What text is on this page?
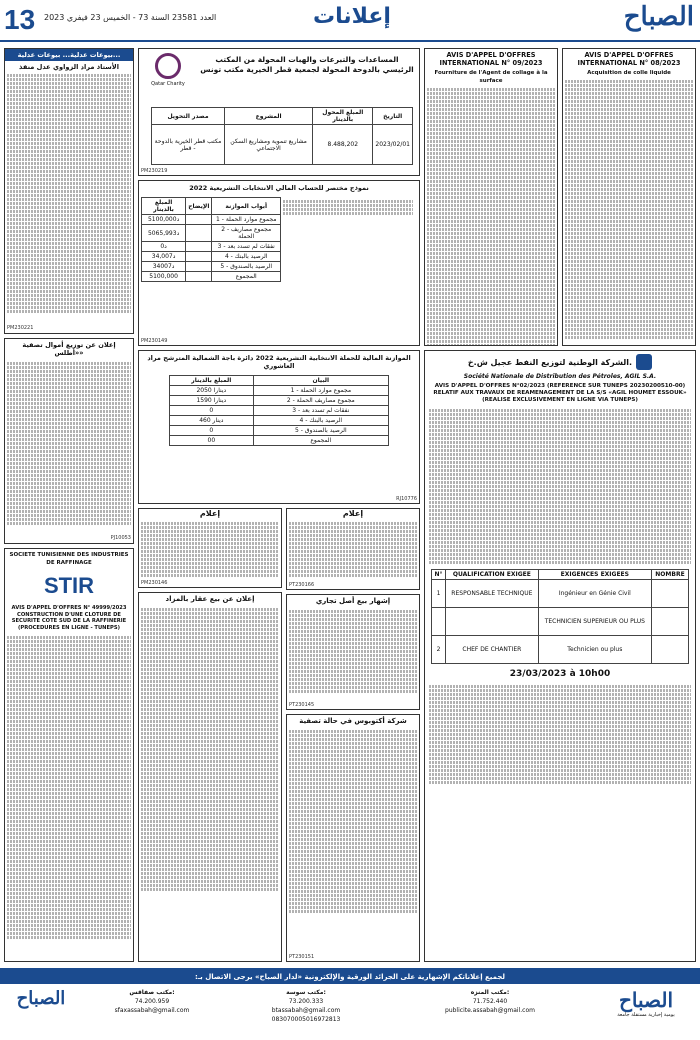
13 العدد 23581 السنة 73 - الخميس 23 فيفري 2023	إعلانات	الصباح
بيوعات عدلية... بيوعات عدلية...
الأستاذ مراد الزواوي عدل منفذ
PM230221
إعلان عن توزيع أموال تصفية «أطلس»
PJ10053
SOCIETE TUNISIENNE DES INDUSTRIES DE RAFFINAGE
STIR
AVIS D'APPEL D'OFFRES N° 49999/2023 CONSTRUCTION D'UNE CLOTURE DE SECURITE COTE SUD DE LA RAFFINERIE (PROCEDURES EN LIGNE - TUNEPS)
إعلام
PM230146
إعلان عن بيع عقار بالمزاد
إعلام
PT230166
إشهار بيع أصل تجاري
PT230145
شركة أكتوبوس في حالة تصفية
PT230151
Qatar Charity
المساعدات والتبرعات والهبات المحولة من المكتب الرئيسي بالدوحة المحولة لجمعية قطر الخيرية مكتب تونس
مصدر التحويل	المشروع	المبلغ المحول بالدينار	التاريخ
مكتب قطر الخيرية بالدوحة - قطر	مشاريع تنموية ومشاريع السكن الاجتماعي	8.488,202	2023/02/01
PM230219
نموذج مختصر للحساب المالي الانتخابات التشريعية 2022
المبلغ بالدينار	الإيضاح	أبواب الموازنة
5100,000د		1 - مجموع موارد الحملة
5065,993د		2 - مجموع مصاريف الحملة
0د		3 - نفقات لم تسدد بعد
34,007د		4 - الرصيد بالبنك
34007د		5 - الرصيد بالصندوق
5100,000		المجموع
PM230149
الموازنة المالية للحملة الانتخابية التشريعية 2022 دائرة باجة الشمالية المترشح مراد العاشوري
المبلغ بالدينار	البيان
2050 دينارا	1 - مجموع موارد الحملة
1590 دينارا	2 - مجموع مصاريف الحملة
0	3 - نفقات لم تسدد بعد
460 دينار	4 - الرصيد بالبنك
0	5 - الرصيد بالصندوق
00	المجموع
RJ10776
AVIS D'APPEL D'OFFRES INTERNATIONAL N° 09/2023
Fourniture de l'Agent de collage à la surface
AVIS D'APPEL D'OFFRES INTERNATIONAL N° 08/2023
Acquisition de colle liquide
الشركة الوطنية لتوزيع النفط عجيل ش.خ.
Société Nationale de Distribution des Pétroles, AGIL S.A.
AVIS D'APPEL D'OFFRES N°02/2023 (REFERENCE SUR TUNEPS 20230200510-00) RELATIF AUX TRAVAUX DE REAMENAGEMENT DE LA S/S «AGIL HOUMET ESSOUK» (REALISE EXCLUSIVEMENT EN LIGNE VIA TUNEPS)
N°	QUALIFICATION EXIGEE	EXIGENCES EXIGEES	NOMBRE
1	RESPONSABLE TECHNIQUE	Ingénieur en Génie Civil	
		TECHNICIEN SUPERIEUR OU PLUS	
2	CHEF DE CHANTIER	Technicien ou plus	
23/03/2023 à 10h00
لجميع إعلاناتكم الإشهارية على الجرائد الورقية والإلكترونية «لدار الصباح» يرجى الاتصال بـ:
الصباح	مكتب صفاقس:
74.200.959
sfaxassabah@gmail.com
مكتب سوسة:
73.200.333
btassabah@gmail.com
083070005016972813
مكتب المنزه:
71.752.440
publicite.assabah@gmail.com	الصباح
يومية إخبارية مستقلة جامعة
